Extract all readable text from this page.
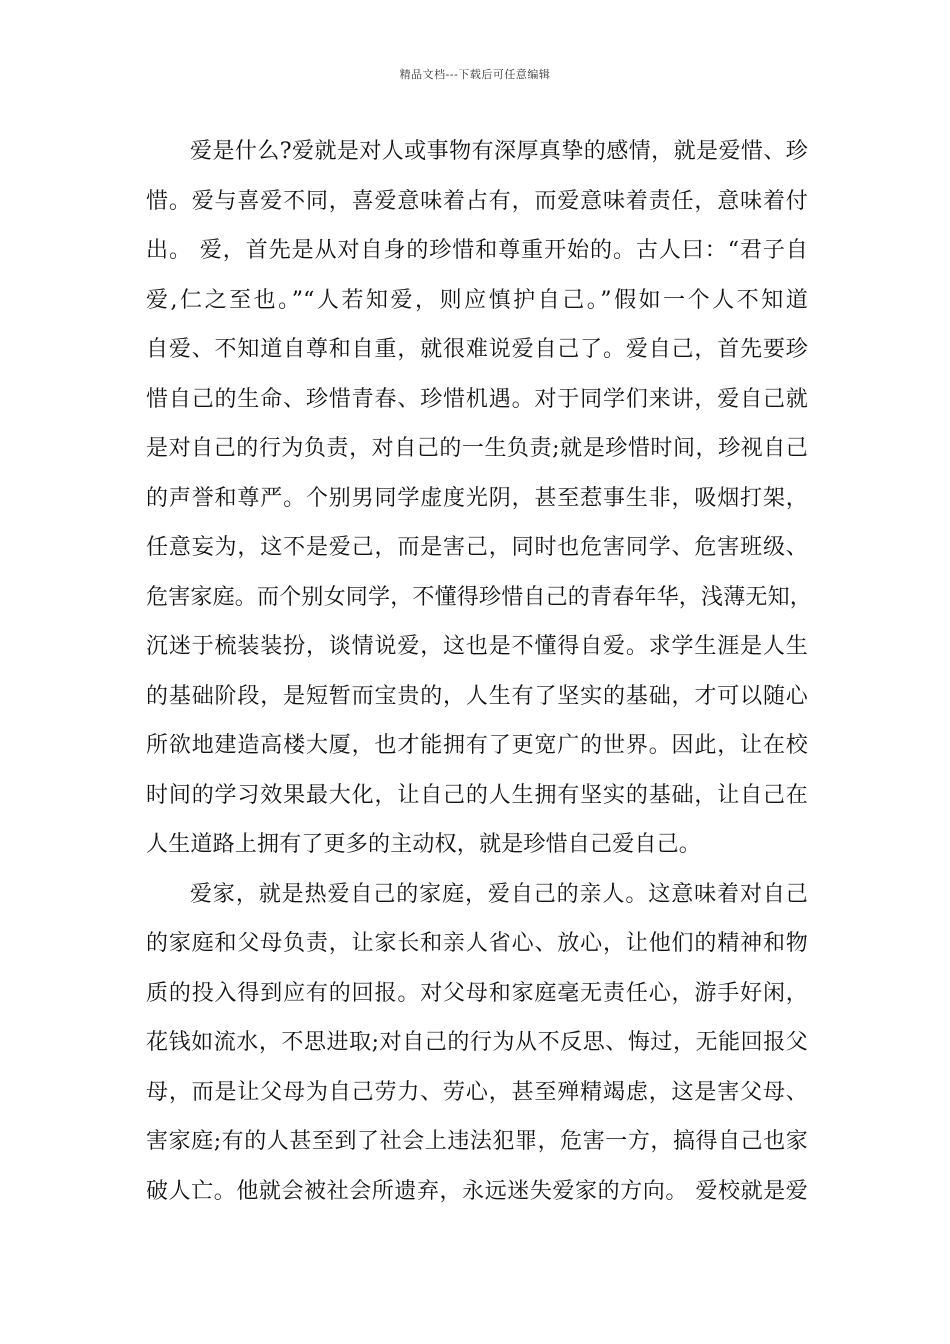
精品文档---下载后可任意编辑
爱是什么?爱就是对人或事物有深厚真挚的感情，就是爱惜、珍
惜。爱与喜爱不同，喜爱意味着占有，而爱意味着责任，意味着付
出。 爱，首先是从对自身的珍惜和尊重开始的。古人曰：“君子自
爱,仁之至也。”“人若知爱，则应慎护自己。”假如一个人不知道
自爱、不知道自尊和自重，就很难说爱自己了。爱自己，首先要珍
惜自己的生命、珍惜青春、珍惜机遇。对于同学们来讲，爱自己就
是对自己的行为负责，对自己的一生负责;就是珍惜时间，珍视自己
的声誉和尊严。个别男同学虚度光阴，甚至惹事生非，吸烟打架，
任意妄为，这不是爱己，而是害己，同时也危害同学、危害班级、
危害家庭。而个别女同学，不懂得珍惜自己的青春年华，浅薄无知，
沉迷于梳装装扮，谈情说爱，这也是不懂得自爱。求学生涯是人生
的基础阶段，是短暂而宝贵的，人生有了坚实的基础，才可以随心
所欲地建造高楼大厦，也才能拥有了更宽广的世界。因此，让在校
时间的学习效果最大化，让自己的人生拥有坚实的基础，让自己在
人生道路上拥有了更多的主动权，就是珍惜自己爱自己。
爱家，就是热爱自己的家庭，爱自己的亲人。这意味着对自己
的家庭和父母负责，让家长和亲人省心、放心，让他们的精神和物
质的投入得到应有的回报。对父母和家庭毫无责任心，游手好闲，
花钱如流水，不思进取;对自己的行为从不反思、悔过，无能回报父
母，而是让父母为自己劳力、劳心，甚至殚精竭虑，这是害父母、
害家庭;有的人甚至到了社会上违法犯罪，危害一方，搞得自己也家
破人亡。他就会被社会所遗弃，永远迷失爱家的方向。 爱校就是爱
